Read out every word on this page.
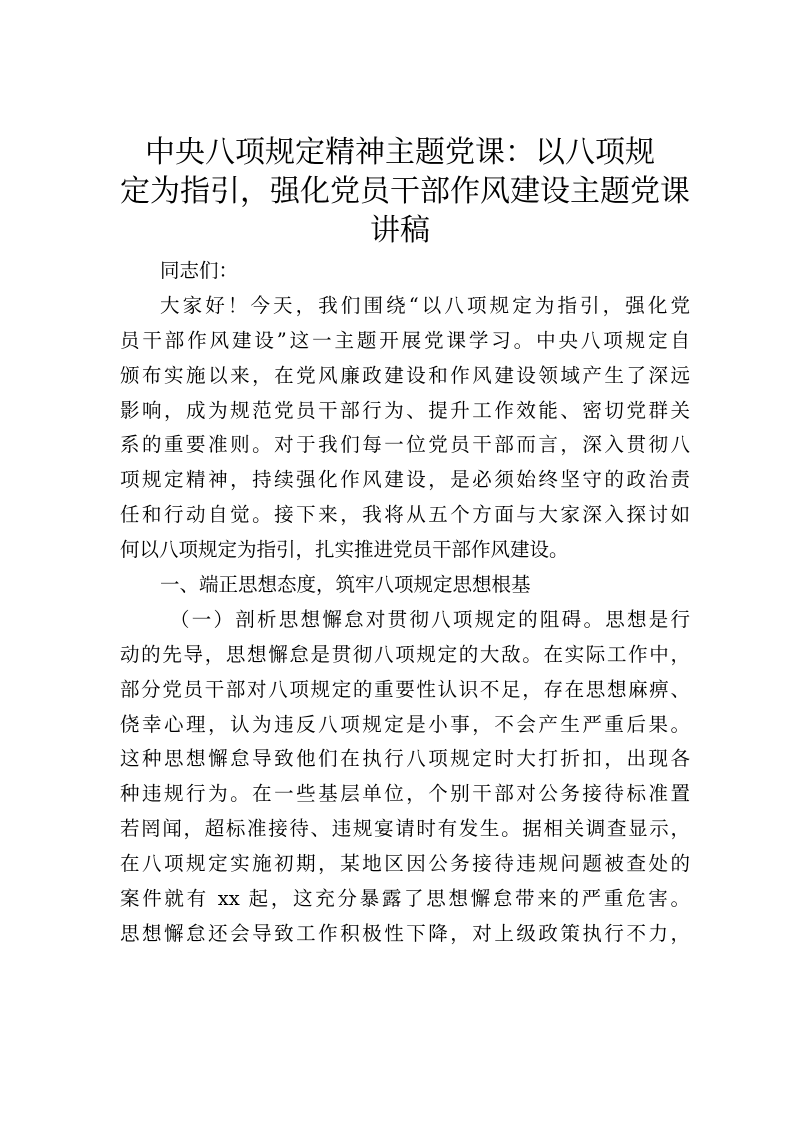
中央八项规定精神主题党课：以八项规
定为指引，强化党员干部作风建设主题党课
讲稿
同志们：
大家好！今天，我们围绕“以八项规定为指引，强化党
员干部作风建设”这一主题开展党课学习。中央八项规定自
颁布实施以来，在党风廉政建设和作风建设领域产生了深远
影响，成为规范党员干部行为、提升工作效能、密切党群关
系的重要准则。对于我们每一位党员干部而言，深入贯彻八
项规定精神，持续强化作风建设，是必须始终坚守的政治责
任和行动自觉。接下来，我将从五个方面与大家深入探讨如
何以八项规定为指引，扎实推进党员干部作风建设。
一、端正思想态度，筑牢八项规定思想根基
（一）剖析思想懈怠对贯彻八项规定的阻碍。思想是行
动的先导，思想懈怠是贯彻八项规定的大敌。在实际工作中，
部分党员干部对八项规定的重要性认识不足，存在思想麻痹、
侥幸心理，认为违反八项规定是小事，不会产生严重后果。
这种思想懈怠导致他们在执行八项规定时大打折扣，出现各
种违规行为。在一些基层单位，个别干部对公务接待标准置
若罔闻，超标准接待、违规宴请时有发生。据相关调查显示，
在八项规定实施初期，某地区因公务接待违规问题被查处的
案件就有 xx 起，这充分暴露了思想懈怠带来的严重危害。
思想懈怠还会导致工作积极性下降，对上级政策执行不力，
